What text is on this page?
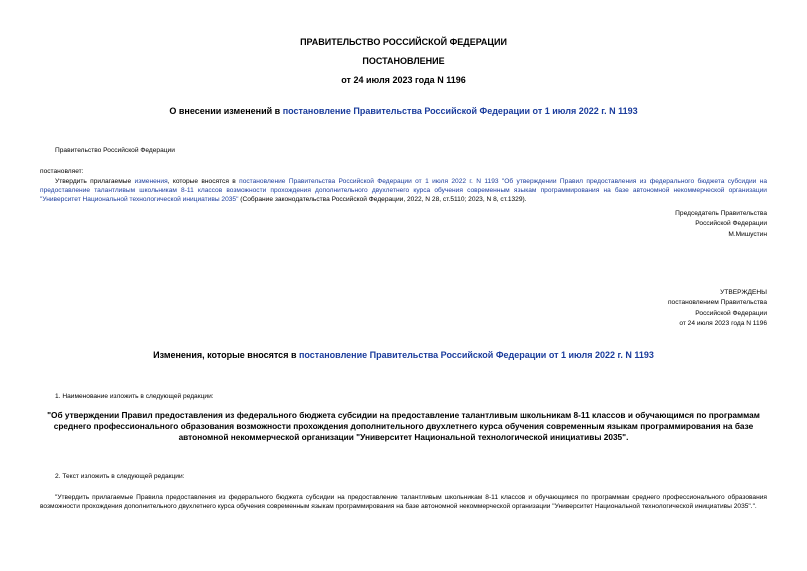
ПРАВИТЕЛЬСТВО РОССИЙСКОЙ ФЕДЕРАЦИИ
ПОСТАНОВЛЕНИЕ
от 24 июля 2023 года N 1196
О внесении изменений в постановление Правительства Российской Федерации от 1 июля 2022 г. N 1193
Правительство Российской Федерации
постановляет:
Утвердить прилагаемые изменения, которые вносятся в постановление Правительства Российской Федерации от 1 июля 2022 г. N 1193 "Об утверждении Правил предоставления из федерального бюджета субсидии на предоставление талантливым школьникам 8-11 классов возможности прохождения дополнительного двухлетнего курса обучения современным языкам программирования на базе автономной некоммерческой организации "Университет Национальной технологической инициативы 2035" (Собрание законодательства Российской Федерации, 2022, N 28, ст.5110; 2023, N 8, ст.1329).
Председатель Правительства
Российской Федерации
М.Мишустин
УТВЕРЖДЕНЫ
постановлением Правительства
Российской Федерации
от 24 июля 2023 года N 1196
Изменения, которые вносятся в постановление Правительства Российской Федерации от 1 июля 2022 г. N 1193
1. Наименование изложить в следующей редакции:
"Об утверждении Правил предоставления из федерального бюджета субсидии на предоставление талантливым школьникам 8-11 классов и обучающимся по программам среднего профессионального образования возможности прохождения дополнительного двухлетнего курса обучения современным языкам программирования на базе автономной некоммерческой организации "Университет Национальной технологической инициативы 2035".
2. Текст изложить в следующей редакции:
"Утвердить прилагаемые Правила предоставления из федерального бюджета субсидии на предоставление талантливым школьникам 8-11 классов и обучающимся по программам среднего профессионального образования возможности прохождения дополнительного двухлетнего курса обучения современным языкам программирования на базе автономной некоммерческой организации "Университет Национальной технологической инициативы 2035".".
